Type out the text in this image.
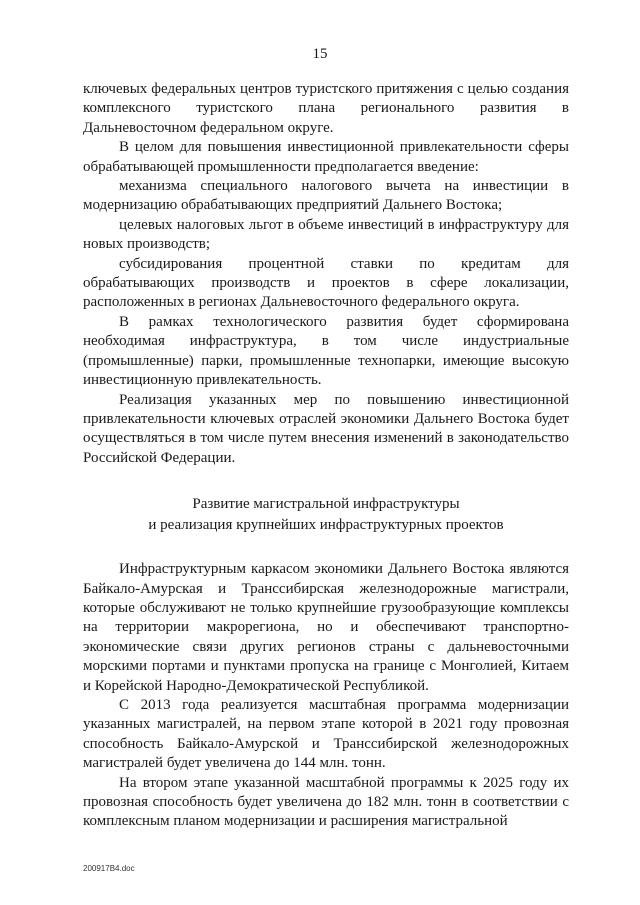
15

ключевых федеральных центров туристского притяжения с целью создания комплексного туристского плана регионального развития в Дальневосточном федеральном округе.

В целом для повышения инвестиционной привлекательности сферы обрабатывающей промышленности предполагается введение:

механизма специального налогового вычета на инвестиции в модернизацию обрабатывающих предприятий Дальнего Востока;

целевых налоговых льгот в объеме инвестиций в инфраструктуру для новых производств;

субсидирования процентной ставки по кредитам для обрабатывающих производств и проектов в сфере локализации, расположенных в регионах Дальневосточного федерального округа.

В рамках технологического развития будет сформирована необходимая инфраструктура, в том числе индустриальные (промышленные) парки, промышленные технопарки, имеющие высокую инвестиционную привлекательность.

Реализация указанных мер по повышению инвестиционной привлекательности ключевых отраслей экономики Дальнего Востока будет осуществляться в том числе путем внесения изменений в законодательство Российской Федерации.

Развитие магистральной инфраструктуры
и реализация крупнейших инфраструктурных проектов

Инфраструктурным каркасом экономики Дальнего Востока являются Байкало-Амурская и Транссибирская железнодорожные магистрали, которые обслуживают не только крупнейшие грузообразующие комплексы на территории макрорегиона, но и обеспечивают транспортно-экономические связи других регионов страны с дальневосточными морскими портами и пунктами пропуска на границе с Монголией, Китаем и Корейской Народно-Демократической Республикой.

С 2013 года реализуется масштабная программа модернизации указанных магистралей, на первом этапе которой в 2021 году провозная способность Байкало-Амурской и Транссибирской железнодорожных магистралей будет увеличена до 144 млн. тонн.

На втором этапе указанной масштабной программы к 2025 году их провозная способность будет увеличена до 182 млн. тонн в соответствии с комплексным планом модернизации и расширения магистральной

200917B4.doc
